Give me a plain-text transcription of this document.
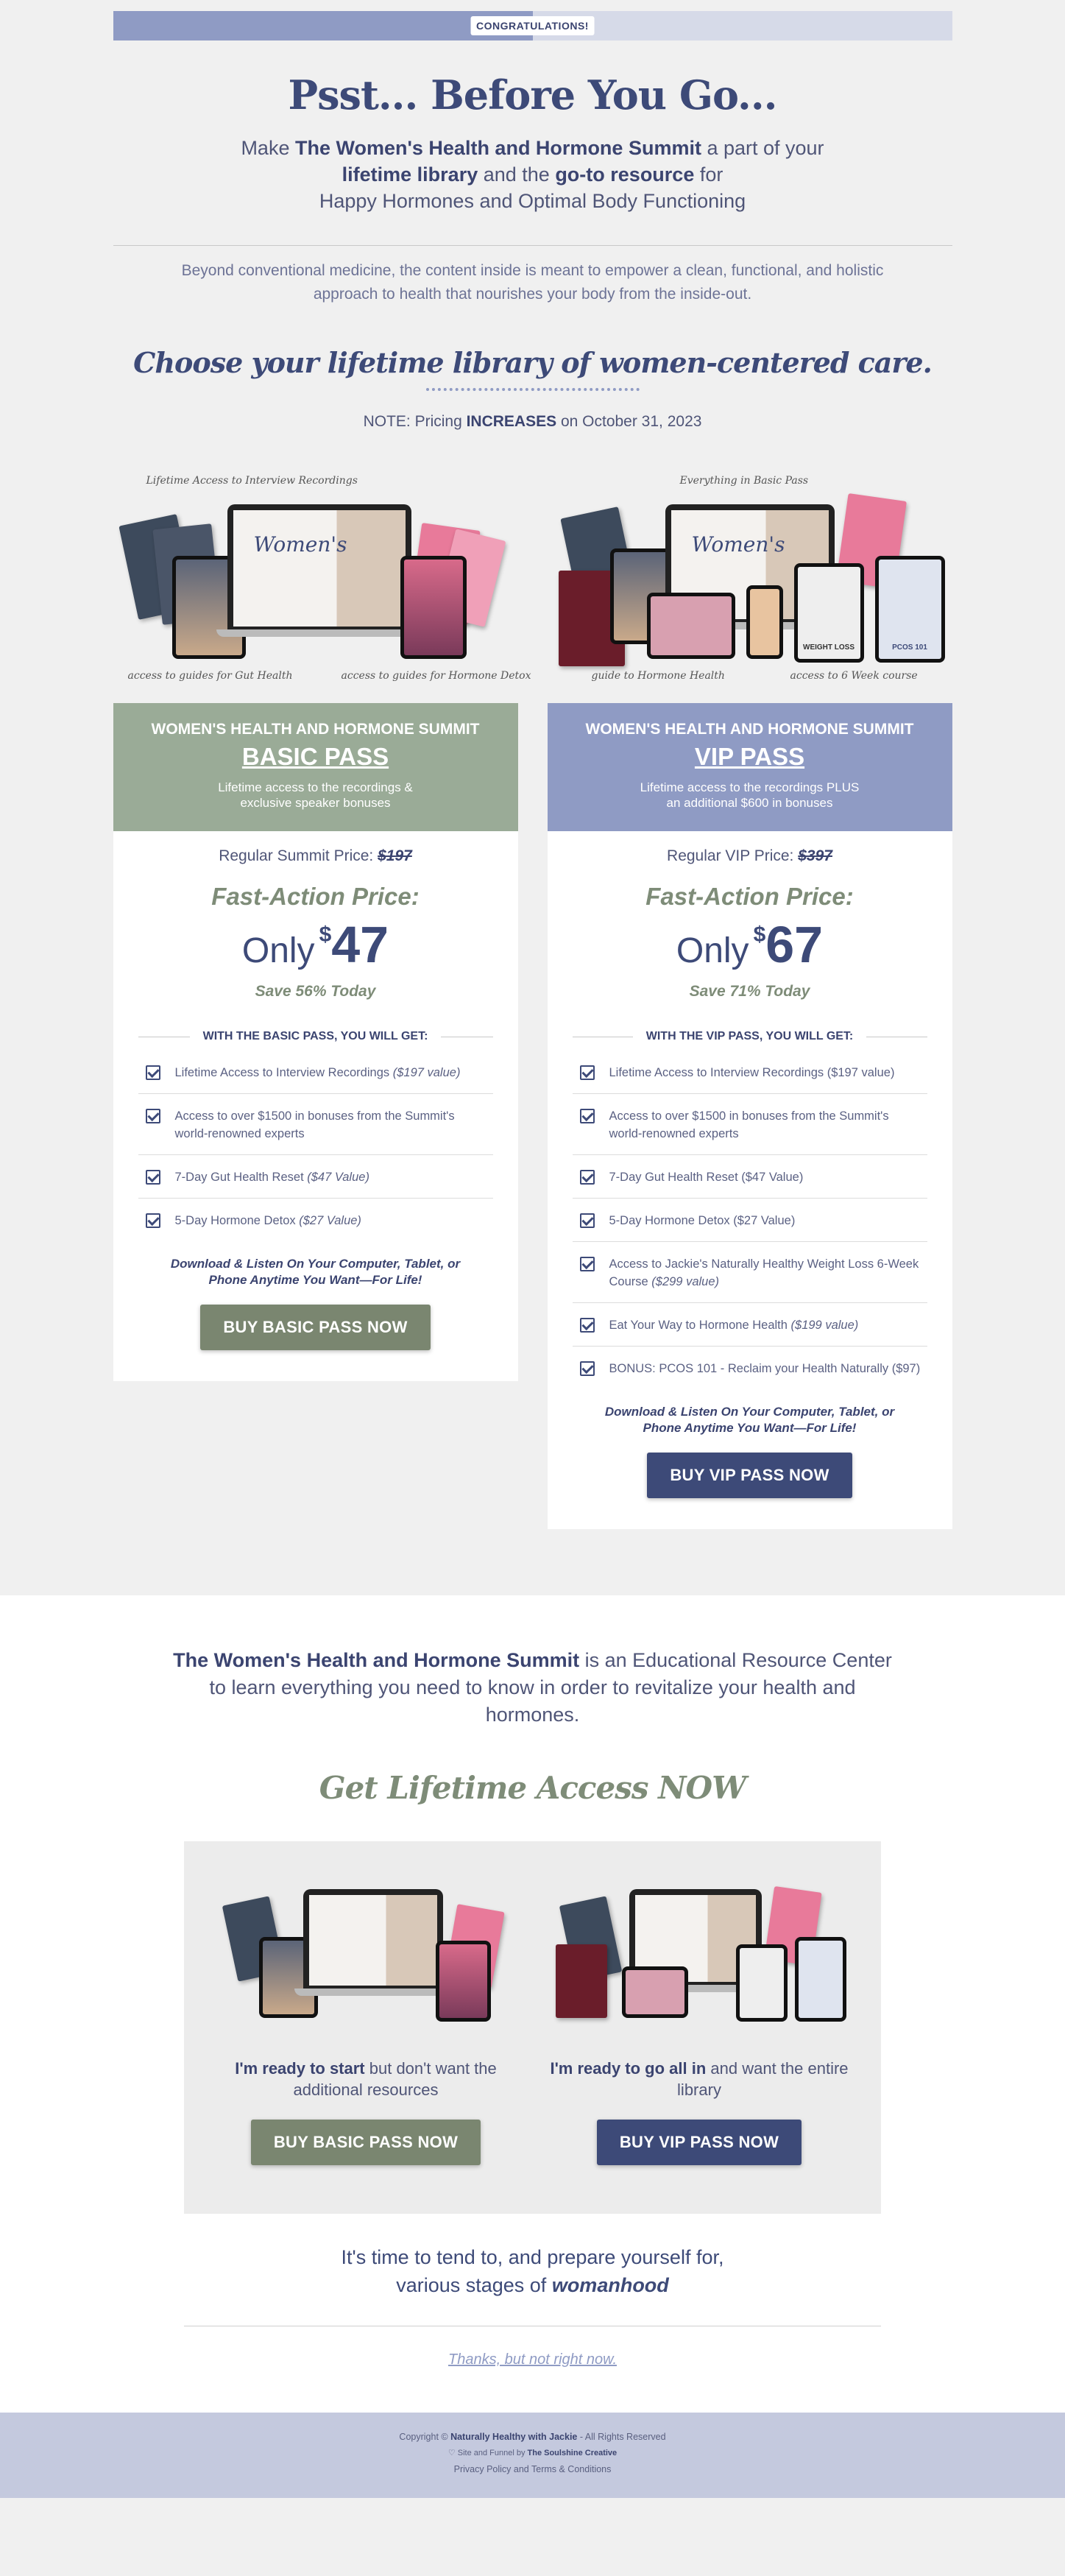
CONGRATULATIONS!
Psst... Before You Go...
Make The Women's Health and Hormone Summit a part of your
lifetime library and the go-to resource for
Happy Hormones and Optimal Body Functioning

Beyond conventional medicine, the content inside is meant to empower a clean, functional, and holistic approach to health that nourishes your body from the inside-out.

Choose your lifetime library of women-centered care.

NOTE: Pricing INCREASES on October 31, 2023

Lifetime Access to Interview Recordings
Women's
access to guides for Gut Health	access to guides for Hormone Detox
Everything in Basic Pass
Women's
WEIGHT LOSS	PCOS 101
guide to Hormone Health	access to 6 Week course
WOMEN'S HEALTH AND HORMONE SUMMIT
BASIC PASS
Lifetime access to the recordings & exclusive speaker bonuses
Regular Summit Price: $197
Fast-Action Price:
Only $47
Save 56% Today
WITH THE BASIC PASS, YOU WILL GET:
Lifetime Access to Interview Recordings ($197 value)
Access to over $1500 in bonuses from the Summit's world-renowned experts
7-Day Gut Health Reset ($47 Value)
5-Day Hormone Detox ($27 Value)

Download & Listen On Your Computer, Tablet, or Phone Anytime You Want—For Life!

BUY BASIC PASS NOW
WOMEN'S HEALTH AND HORMONE SUMMIT
VIP PASS
Lifetime access to the recordings PLUS an additional $600 in bonuses
Regular VIP Price: $397
Fast-Action Price:
Only $67
Save 71% Today
WITH THE VIP PASS, YOU WILL GET:
Lifetime Access to Interview Recordings ($197 value)
Access to over $1500 in bonuses from the Summit's world-renowned experts
7-Day Gut Health Reset ($47 Value)
5-Day Hormone Detox ($27 Value)
Access to Jackie's Naturally Healthy Weight Loss 6-Week Course ($299 value)
Eat Your Way to Hormone Health ($199 value)
BONUS: PCOS 101 - Reclaim your Health Naturally ($97)

Download & Listen On Your Computer, Tablet, or Phone Anytime You Want—For Life!

BUY VIP PASS NOW

The Women's Health and Hormone Summit is an Educational Resource Center to learn everything you need to know in order to revitalize your health and hormones.

Get Lifetime Access NOW

I'm ready to start but don't want the additional resources

BUY BASIC PASS NOW

I'm ready to go all in and want the entire library

BUY VIP PASS NOW

It's time to tend to, and prepare yourself for,
various stages of womanhood

Thanks, but not right now.

Copyright © Naturally Healthy with Jackie - All Rights Reserved
♡ Site and Funnel by The Soulshine Creative
Privacy Policy and Terms & Conditions
